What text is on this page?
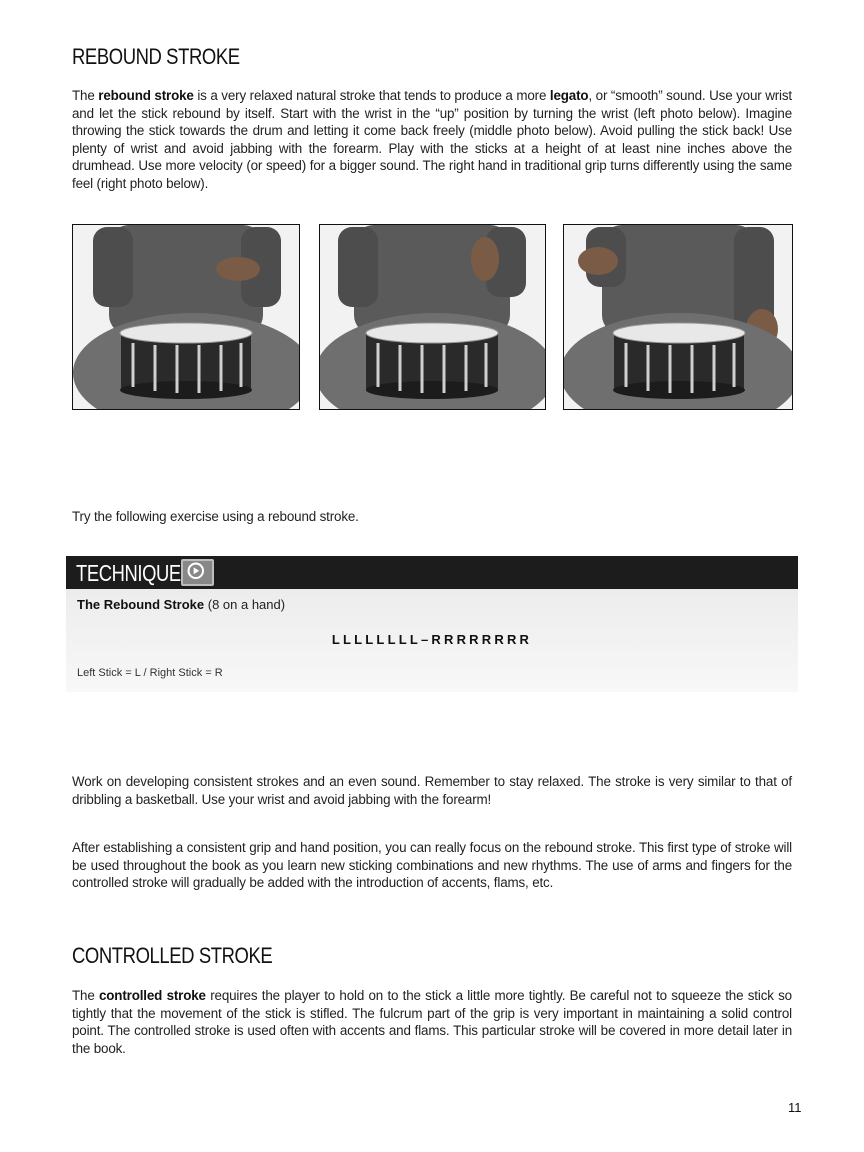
REBOUND STROKE

The rebound stroke is a very relaxed natural stroke that tends to produce a more legato, or “smooth” sound. Use your wrist and let the stick rebound by itself. Start with the wrist in the “up” position by turning the wrist (left photo below). Imagine throwing the stick towards the drum and letting it come back freely (middle photo below). Avoid pulling the stick back! Use plenty of wrist and avoid jabbing with the forearm. Play with the sticks at a height of at least nine inches above the drumhead. Use more velocity (or speed) for a bigger sound. The right hand in traditional grip turns differently using the same feel (right photo below).

Try the following exercise using a rebound stroke.

TECHNIQUE
The Rebound Stroke (8 on a hand)
LLLLLLLL–RRRRRRRR
Left Stick = L / Right Stick = R

Work on developing consistent strokes and an even sound. Remember to stay relaxed. The stroke is very similar to that of dribbling a basketball. Use your wrist and avoid jabbing with the forearm!

After establishing a consistent grip and hand position, you can really focus on the rebound stroke. This first type of stroke will be used throughout the book as you learn new sticking combinations and new rhythms. The use of arms and fingers for the controlled stroke will gradually be added with the introduction of accents, flams, etc.

CONTROLLED STROKE

The controlled stroke requires the player to hold on to the stick a little more tightly. Be careful not to squeeze the stick so tightly that the movement of the stick is stifled. The fulcrum part of the grip is very important in maintaining a solid control point. The controlled stroke is used often with accents and flams. This particular stroke will be covered in more detail later in the book.

11
